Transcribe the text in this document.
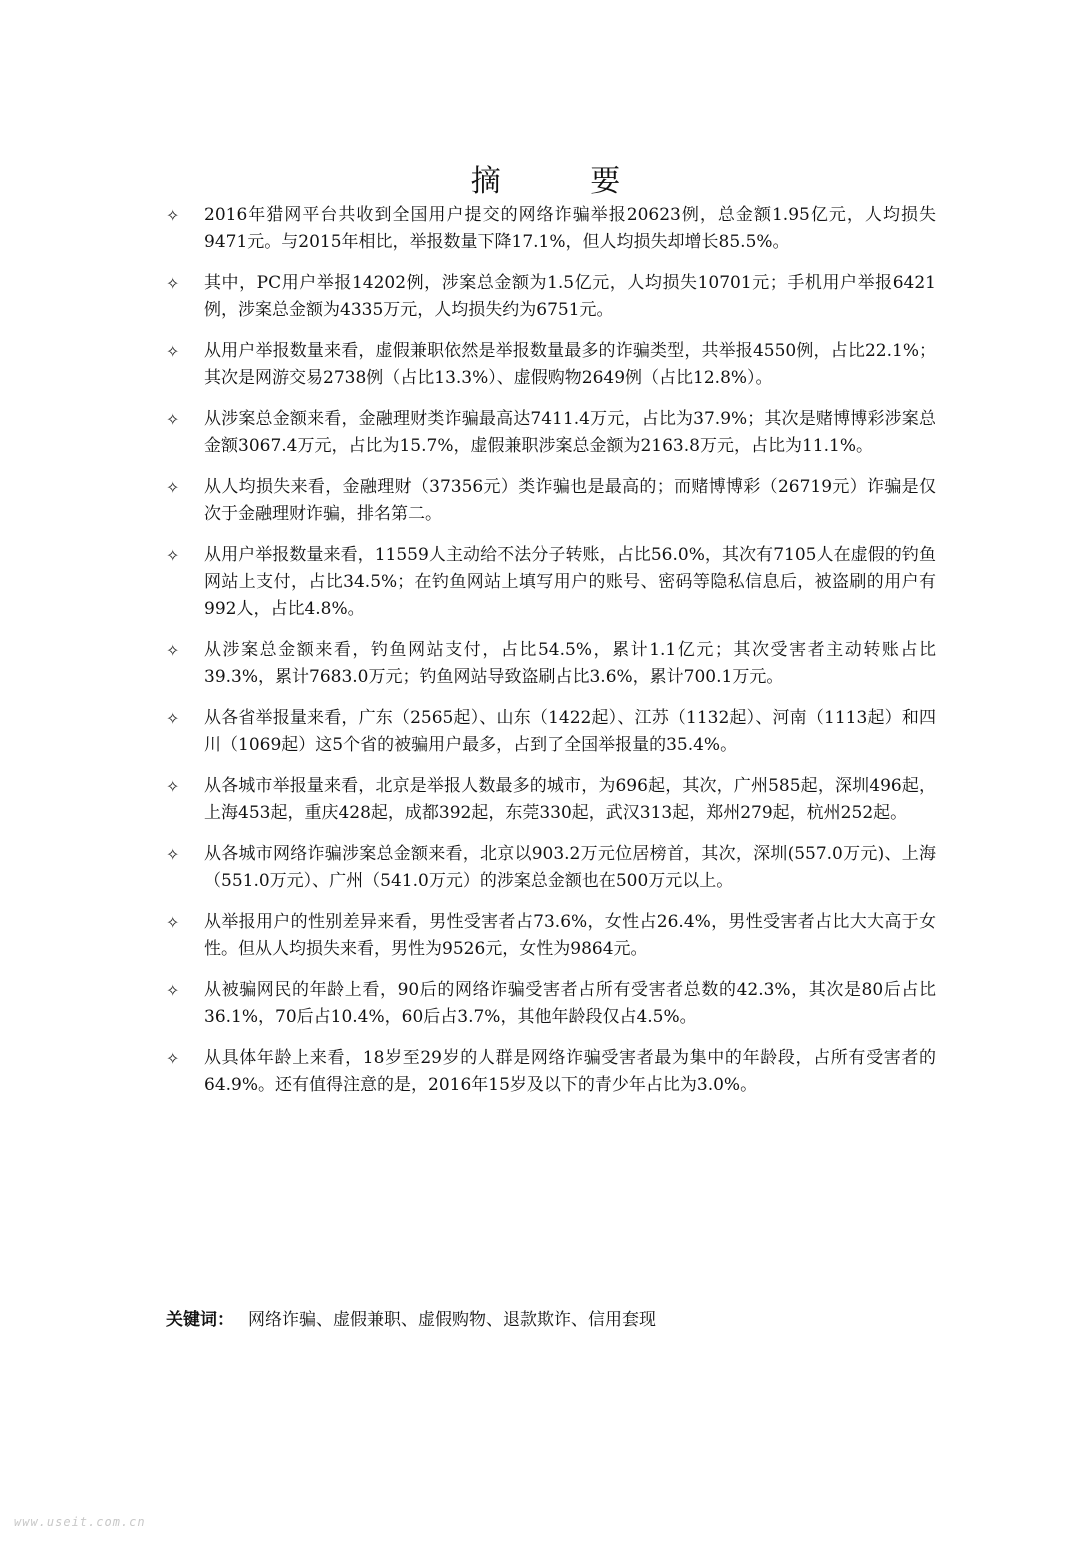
摘 要
✧	2016年猎网平台共收到全国用户提交的网络诈骗举报20623例，总金额1.95亿元，人均损失9471元。与2015年相比，举报数量下降17.1%，但人均损失却增长85.5%。
✧	其中，PC用户举报14202例，涉案总金额为1.5亿元，人均损失10701元；手机用户举报6421例，涉案总金额为4335万元，人均损失约为6751元。
✧	从用户举报数量来看，虚假兼职依然是举报数量最多的诈骗类型，共举报4550例，占比22.1%；其次是网游交易2738例（占比13.3%）、虚假购物2649例（占比12.8%）。
✧	从涉案总金额来看，金融理财类诈骗最高达7411.4万元，占比为37.9%；其次是赌博博彩涉案总金额3067.4万元，占比为15.7%，虚假兼职涉案总金额为2163.8万元，占比为11.1%。
✧	从人均损失来看，金融理财（37356元）类诈骗也是最高的；而赌博博彩（26719元）诈骗是仅次于金融理财诈骗，排名第二。
✧	从用户举报数量来看，11559人主动给不法分子转账，占比56.0%，其次有7105人在虚假的钓鱼网站上支付，占比34.5%；在钓鱼网站上填写用户的账号、密码等隐私信息后，被盗刷的用户有992人，占比4.8%。
✧	从涉案总金额来看，钓鱼网站支付，占比54.5%，累计1.1亿元；其次受害者主动转账占比39.3%，累计7683.0万元；钓鱼网站导致盗刷占比3.6%，累计700.1万元。
✧	从各省举报量来看，广东（2565起）、山东（1422起）、江苏（1132起）、河南（1113起）和四川（1069起）这5个省的被骗用户最多，占到了全国举报量的35.4%。
✧	从各城市举报量来看，北京是举报人数最多的城市，为696起，其次，广州585起，深圳496起，上海453起，重庆428起，成都392起，东莞330起，武汉313起，郑州279起，杭州252起。
✧	从各城市网络诈骗涉案总金额来看，北京以903.2万元位居榜首，其次，深圳(557.0万元)、上海（551.0万元）、广州（541.0万元）的涉案总金额也在500万元以上。
✧	从举报用户的性别差异来看，男性受害者占73.6%，女性占26.4%，男性受害者占比大大高于女性。但从人均损失来看，男性为9526元，女性为9864元。
✧	从被骗网民的年龄上看，90后的网络诈骗受害者占所有受害者总数的42.3%，其次是80后占比36.1%，70后占10.4%，60后占3.7%，其他年龄段仅占4.5%。
✧	从具体年龄上来看，18岁至29岁的人群是网络诈骗受害者最为集中的年龄段，占所有受害者的64.9%。还有值得注意的是，2016年15岁及以下的青少年占比为3.0%。
关键词： 网络诈骗、虚假兼职、虚假购物、退款欺诈、信用套现
www.useit.com.cn
